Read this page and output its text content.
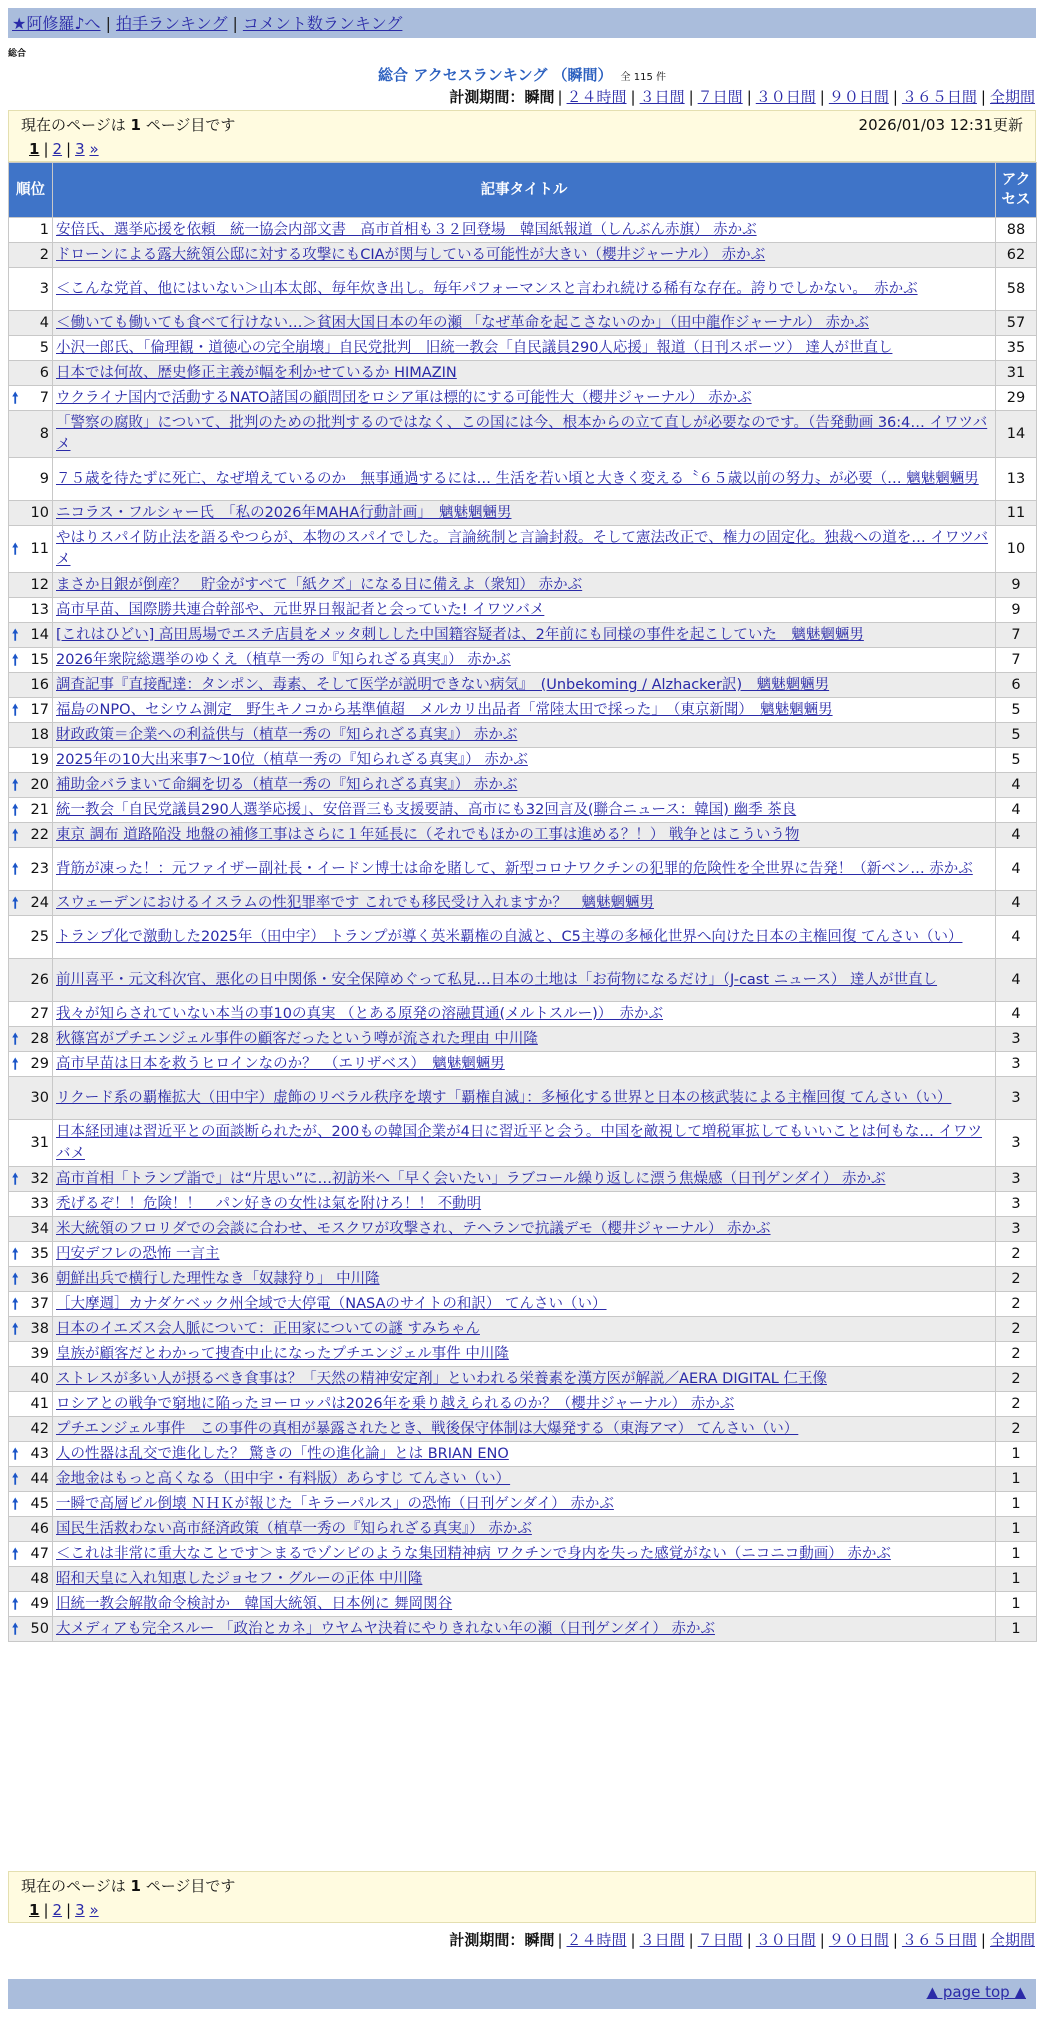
★阿修羅♪へ | 拍手ランキング | コメント数ランキング
総合
総合 アクセスランキング （瞬間） 全 115 件
計測期間：瞬間 | ２４時間 | ３日間 | ７日間 | ３０日間 | ９０日間 | ３６５日間 | 全期間
現在のページは 1 ページ目です	2026/01/03 12:31更新
1 | 2 | 3 »
順位	記事タイトル	アクセス
1	安倍氏、選挙応援を依頼　統一協会内部文書　高市首相も３２回登場　韓国紙報道（しんぶん赤旗） 赤かぶ	88
2	ドローンによる露大統領公邸に対する攻撃にもCIAが関与している可能性が大きい（櫻井ジャーナル） 赤かぶ	62
3	＜こんな党首、他にはいない＞山本太郎、毎年炊き出し。毎年パフォーマンスと言われ続ける稀有な存在。誇りでしかない。　赤かぶ	58
4	＜働いても働いても食べて行けない…＞貧困大国日本の年の瀬 「なぜ革命を起こさないのか」（田中龍作ジャーナル） 赤かぶ	57
5	小沢一郎氏、「倫理観・道徳心の完全崩壊」自民党批判　旧統一教会「自民議員290人応援」報道（日刊スポーツ） 達人が世直し	35
6	日本では何故、歴史修正主義が幅を利かせているか HIMAZIN	31

🠕 7	ウクライナ国内で活動するNATO諸国の顧問団をロシア軍は標的にする可能性大（櫻井ジャーナル） 赤かぶ	29
8	「警察の腐敗」について、批判のための批判するのではなく、この国には今、根本からの立て直しが必要なのです。（告発動画 36:4… イワツバメ	14
9	７５歳を待たずに死亡、なぜ増えているのか　無事通過するには… 生活を若い頃と大きく変える〝６５歳以前の努力〟が必要（… 魑魅魍魎男	13
10	ニコラス・フルシャー氏　「私の2026年MAHA行動計画」　魑魅魍魎男	11

🠕 11	やはりスパイ防止法を語るやつらが、本物のスパイでした。言論統制と言論封殺。そして憲法改正で、権力の固定化。独裁への道を… イワツバメ	10
12	まさか日銀が倒産？　貯金がすべて「紙クズ」になる日に備えよ（衆知） 赤かぶ	9
13	高市早苗、国際勝共連合幹部や、元世界日報記者と会っていた! イワツバメ	9

🠕 14	[これはひどい] 高田馬場でエステ店員をメッタ刺しした中国籍容疑者は、2年前にも同様の事件を起こしていた　魑魅魍魎男	7

🠕 15	2026年衆院総選挙のゆくえ（植草一秀の『知られざる真実』） 赤かぶ	7
16	調査記事『直接配達：タンポン、毒素、そして医学が説明できない病気』　(Unbekoming / Alzhacker訳)　魑魅魍魎男	6

🠕 17	福島のNPO、セシウム測定　野生キノコから基準値超　メルカリ出品者「常陸太田で採った」　（東京新聞）　魑魅魍魎男	5
18	財政政策＝企業への利益供与（植草一秀の『知られざる真実』） 赤かぶ	5
19	2025年の10大出来事7～10位（植草一秀の『知られざる真実』） 赤かぶ	5

🠕 20	補助金バラまいて命綱を切る（植草一秀の『知られざる真実』） 赤かぶ	4

🠕 21	統一教会「自民党議員290人選挙応援」、安倍晋三も支援要請、高市にも32回言及(聯合ニュース：韓国) 幽季 茶良	4

🠕 22	東京 調布 道路陥没 地盤の補修工事はさらに１年延長に（それでもほかの工事は進める？！） 戦争とはこういう物	4

🠕 23	背筋が凍った！：元ファイザー副社長・イードン博士は命を賭して、新型コロナワクチンの犯罪的危険性を全世界に告発！（新ベン… 赤かぶ	4

🠕 24	スウェーデンにおけるイスラムの性犯罪率です これでも移民受け入れますか？　魑魅魍魎男	4
25	トランプ化で激動した2025年（田中宇） トランプが導く英米覇権の自滅と、C5主導の多極化世界へ向けた日本の主権回復 てんさい（い）	4
26	前川喜平・元文科次官、悪化の日中関係・安全保障めぐって私見…日本の土地は「お荷物になるだけ」（J-cast ニュース） 達人が世直し	4
27	我々が知らされていない本当の事10の真実 （とある原発の溶融貫通(メルトスルー)）　赤かぶ	4

🠕 28	秋篠宮がプチエンジェル事件の顧客だったという噂が流された理由 中川隆	3

🠕 29	高市早苗は日本を救うヒロインなのか？　（エリザベス）　魑魅魍魎男	3
30	リクード系の覇権拡大（田中宇）虚飾のリベラル秩序を壊す「覇権自滅」：多極化する世界と日本の核武装による主権回復 てんさい（い）	3
31	日本経団連は習近平との面談断られたが、200もの韓国企業が4日に習近平と会う。中国を敵視して増税軍拡してもいいことは何もな… イワツバメ	3

🠕 32	高市首相「トランプ詣で」は“片思い”に…初訪米へ「早く会いたい」ラブコール繰り返しに漂う焦燥感（日刊ゲンダイ） 赤かぶ	3
33	禿げるぞ！！危険！！　パン好きの女性は氣を附けろ！！ 不動明	3
34	米大統領のフロリダでの会談に合わせ、モスクワが攻撃され、テヘランで抗議デモ（櫻井ジャーナル） 赤かぶ	3

🠕 35	円安デフレの恐怖 一言主	2

🠕 36	朝鮮出兵で横行した理性なき「奴隷狩り」 中川隆	2

🠕 37	［大摩週］カナダケベック州全域で大停電（NASAのサイトの和訳） てんさい（い）	2

🠕 38	日本のイエズス会人脈について：正田家についての謎 すみちゃん	2
39	皇族が顧客だとわかって捜査中止になったプチエンジェル事件 中川隆	2
40	ストレスが多い人が摂るべき食事は？「天然の精神安定剤」といわれる栄養素を漢方医が解説／AERA DIGITAL 仁王像	2
41	ロシアとの戦争で窮地に陥ったヨーロッパは2026年を乗り越えられるのか？（櫻井ジャーナル） 赤かぶ	2
42	プチエンジェル事件　この事件の真相が暴露されたとき、戦後保守体制は大爆発する（東海アマ） てんさい（い）	2

🠕 43	人の性器は乱交で進化した？ 驚きの「性の進化論」とは BRIAN ENO	1

🠕 44	金地金はもっと高くなる（田中宇・有料版）あらすじ てんさい（い）	1

🠕 45	一瞬で高層ビル倒壊 ＮＨＫが報じた「キラーパルス」の恐怖（日刊ゲンダイ） 赤かぶ	1
46	国民生活救わない高市経済政策（植草一秀の『知られざる真実』） 赤かぶ	1

🠕 47	＜これは非常に重大なことです＞まるでゾンビのような集団精神病 ワクチンで身内を失った感覚がない（ニコニコ動画） 赤かぶ	1
48	昭和天皇に入れ知恵したジョセフ・グルーの正体 中川隆	1

🠕 49	旧統一教会解散命令検討か　韓国大統領、日本例に 舞岡関谷	1

🠕 50	大メディアも完全スルー 「政治とカネ」ウヤムヤ決着にやりきれない年の瀬（日刊ゲンダイ） 赤かぶ	1
現在のページは 1 ページ目です
1 | 2 | 3 »
計測期間：瞬間 | ２４時間 | ３日間 | ７日間 | ３０日間 | ９０日間 | ３６５日間 | 全期間
▲ page top ▲
